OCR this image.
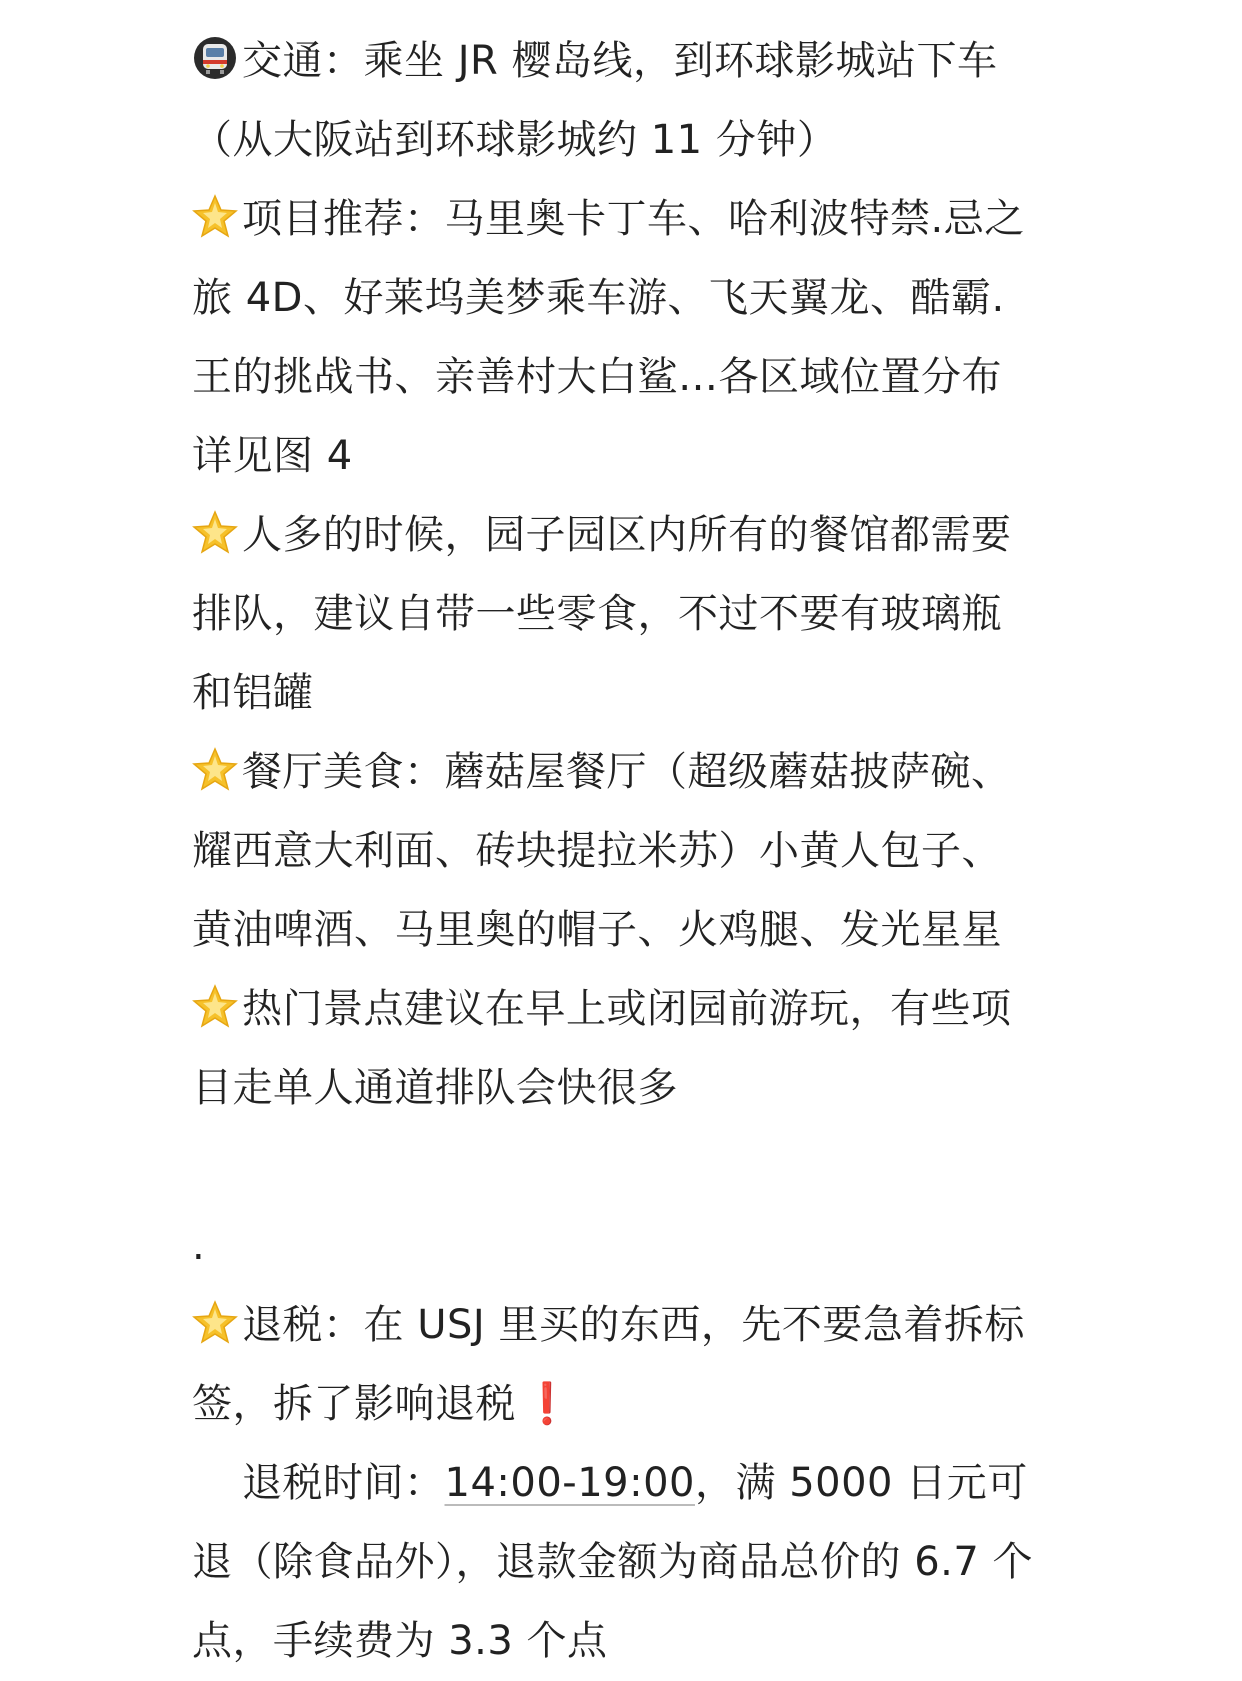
交通：乘坐 JR 樱岛线，到环球影城站下车（从大阪站到环球影城约 11 分钟）

项目推荐：马里奥卡丁车、哈利波特禁.忌之旅 4D、好莱坞美梦乘车游、飞天翼龙、酷霸.王的挑战书、亲善村大白鲨…各区域位置分布详见图 4

人多的时候，园子园区内所有的餐馆都需要排队，建议自带一些零食，不过不要有玻璃瓶和铝罐

餐厅美食：蘑菇屋餐厅（超级蘑菇披萨碗、耀西意大利面、砖块提拉米苏）小黄人包子、黄油啤酒、马里奥的帽子、火鸡腿、发光星星

热门景点建议在早上或闭园前游玩，有些项目走单人通道排队会快很多

.

退税：在 USJ 里买的东西，先不要急着拆标签，拆了影响退税 ❗

退税时间：14:00-19:00，满 5000 日元可退（除食品外），退款金额为商品总价的 6.7 个点，手续费为 3.3 个点
